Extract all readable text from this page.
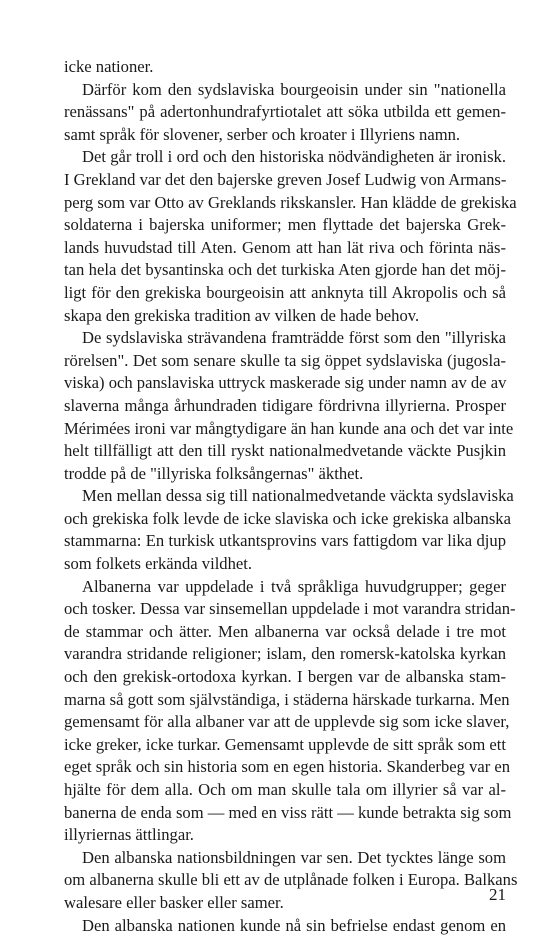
icke nationer.
Därför kom den sydslaviska bourgeoisin under sin "nationella
renässans" på adertonhundrafyrtiotalet att söka utbilda ett gemen-
samt språk för slovener, serber och kroater i Illyriens namn.
Det går troll i ord och den historiska nödvändigheten är ironisk.
I Grekland var det den bajerske greven Josef Ludwig von Armans-
perg som var Otto av Greklands rikskansler. Han klädde de grekiska
soldaterna i bajerska uniformer; men flyttade det bajerska Grek-
lands huvudstad till Aten. Genom att han lät riva och förinta näs-
tan hela det bysantinska och det turkiska Aten gjorde han det möj-
ligt för den grekiska bourgeoisin att anknyta till Akropolis och så
skapa den grekiska tradition av vilken de hade behov.
De sydslaviska strävandena framträdde först som den "illyriska
rörelsen". Det som senare skulle ta sig öppet sydslaviska (jugosla-
viska) och panslaviska uttryck maskerade sig under namn av de av
slaverna många århundraden tidigare fördrivna illyrierna. Prosper
Mérimées ironi var mångtydigare än han kunde ana och det var inte
helt tillfälligt att den till ryskt nationalmedvetande väckte Pusjkin
trodde på de "illyriska folksångernas" äkthet.
Men mellan dessa sig till nationalmedvetande väckta sydslaviska
och grekiska folk levde de icke slaviska och icke grekiska albanska
stammarna: En turkisk utkantsprovins vars fattigdom var lika djup
som folkets erkända vildhet.
Albanerna var uppdelade i två språkliga huvudgrupper; geger
och tosker. Dessa var sinsemellan uppdelade i mot varandra stridan-
de stammar och ätter. Men albanerna var också delade i tre mot
varandra stridande religioner; islam, den romersk-katolska kyrkan
och den grekisk-ortodoxa kyrkan. I bergen var de albanska stam-
marna så gott som självständiga, i städerna härskade turkarna. Men
gemensamt för alla albaner var att de upplevde sig som icke slaver,
icke greker, icke turkar. Gemensamt upplevde de sitt språk som ett
eget språk och sin historia som en egen historia. Skanderbeg var en
hjälte för dem alla. Och om man skulle tala om illyrier så var al-
banerna de enda som — med en viss rätt — kunde betrakta sig som
illyriernas ättlingar.
Den albanska nationsbildningen var sen. Det tycktes länge som
om albanerna skulle bli ett av de utplånade folken i Europa. Balkans
walesare eller basker eller samer.
Den albanska nationen kunde nå sin befrielse endast genom en
21
